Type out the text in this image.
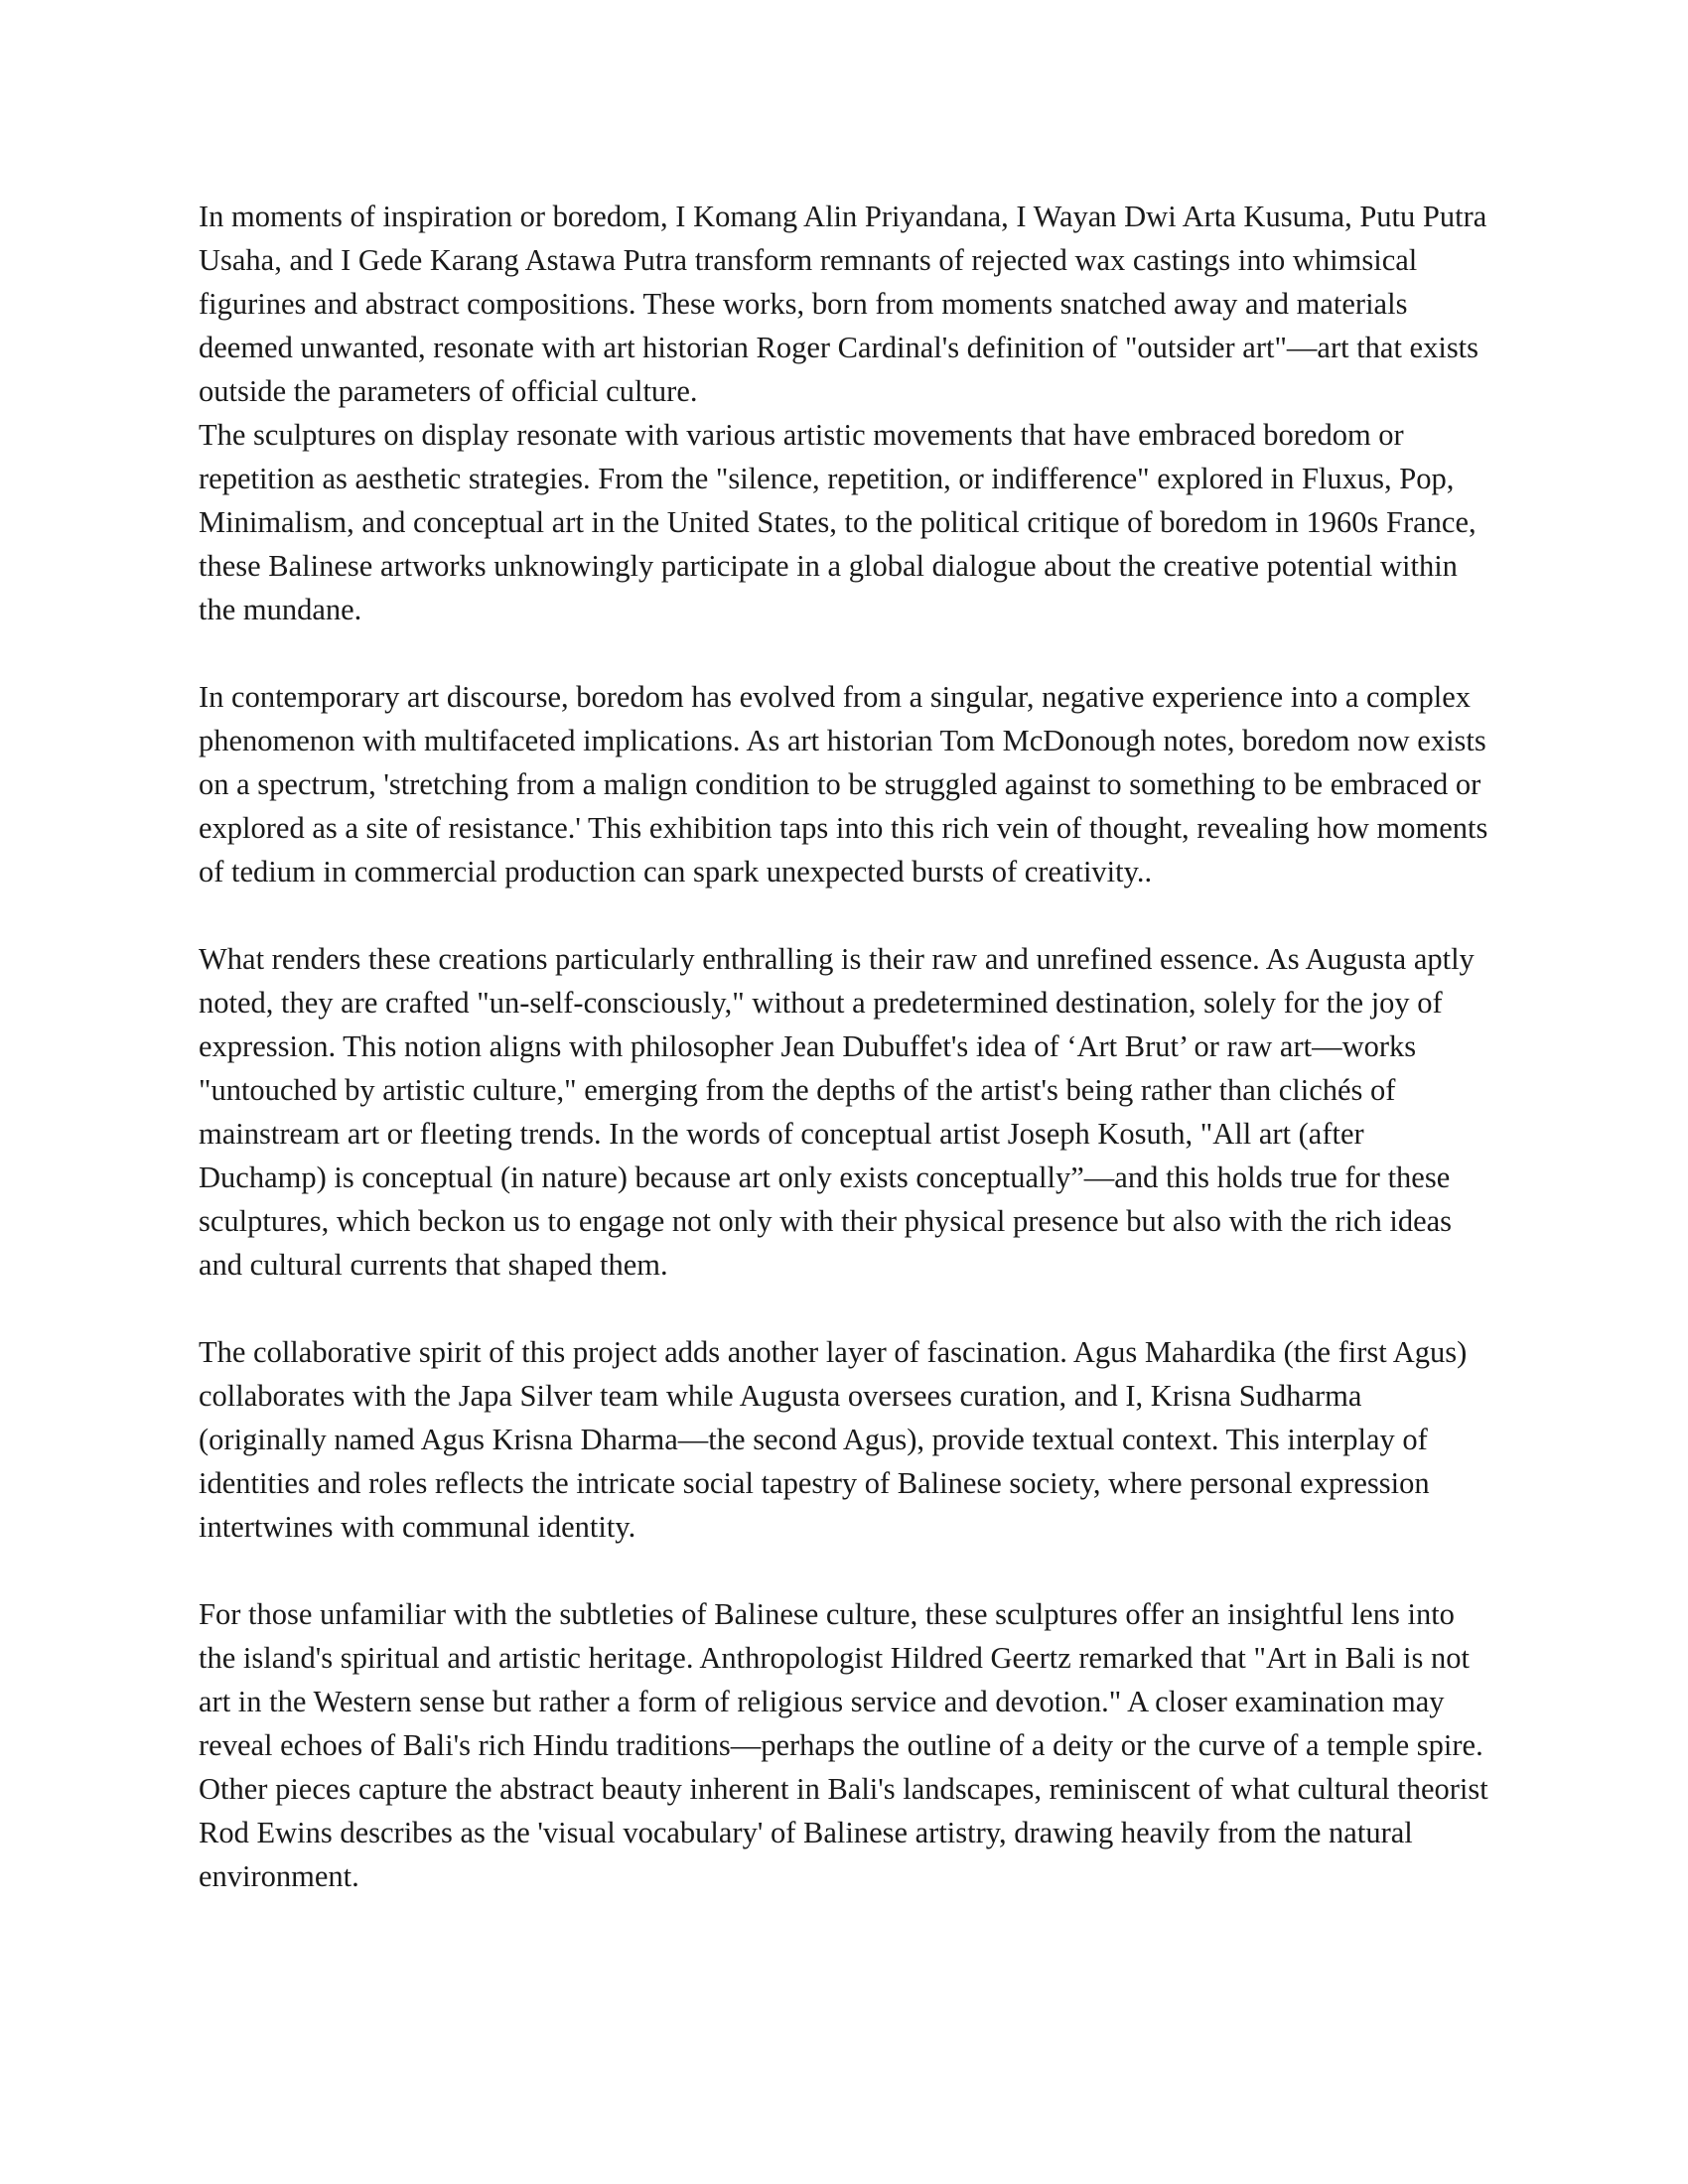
In moments of inspiration or boredom, I Komang Alin Priyandana, I Wayan Dwi Arta Kusuma, Putu Putra Usaha, and I Gede Karang Astawa Putra transform remnants of rejected wax castings into whimsical figurines and abstract compositions. These works, born from moments snatched away and materials deemed unwanted, resonate with art historian Roger Cardinal's definition of "outsider art"—art that exists outside the parameters of official culture.

The sculptures on display resonate with various artistic movements that have embraced boredom or repetition as aesthetic strategies. From the "silence, repetition, or indifference" explored in Fluxus, Pop, Minimalism, and conceptual art in the United States, to the political critique of boredom in 1960s France, these Balinese artworks unknowingly participate in a global dialogue about the creative potential within the mundane.

In contemporary art discourse, boredom has evolved from a singular, negative experience into a complex phenomenon with multifaceted implications. As art historian Tom McDonough notes, boredom now exists on a spectrum, 'stretching from a malign condition to be struggled against to something to be embraced or explored as a site of resistance.' This exhibition taps into this rich vein of thought, revealing how moments of tedium in commercial production can spark unexpected bursts of creativity..

What renders these creations particularly enthralling is their raw and unrefined essence. As Augusta aptly noted, they are crafted "un-self-consciously," without a predetermined destination, solely for the joy of expression. This notion aligns with philosopher Jean Dubuffet's idea of ‘Art Brut’ or raw art—works "untouched by artistic culture," emerging from the depths of the artist's being rather than clichés of mainstream art or fleeting trends. In the words of conceptual artist Joseph Kosuth, "All art (after Duchamp) is conceptual (in nature) because art only exists conceptually”—and this holds true for these sculptures, which beckon us to engage not only with their physical presence but also with the rich ideas and cultural currents that shaped them.

The collaborative spirit of this project adds another layer of fascination. Agus Mahardika (the first Agus) collaborates with the Japa Silver team while Augusta oversees curation, and I, Krisna Sudharma (originally named Agus Krisna Dharma—the second Agus), provide textual context. This interplay of identities and roles reflects the intricate social tapestry of Balinese society, where personal expression intertwines with communal identity.

For those unfamiliar with the subtleties of Balinese culture, these sculptures offer an insightful lens into the island's spiritual and artistic heritage. Anthropologist Hildred Geertz remarked that "Art in Bali is not art in the Western sense but rather a form of religious service and devotion." A closer examination may reveal echoes of Bali's rich Hindu traditions—perhaps the outline of a deity or the curve of a temple spire. Other pieces capture the abstract beauty inherent in Bali's landscapes, reminiscent of what cultural theorist Rod Ewins describes as the 'visual vocabulary' of Balinese artistry, drawing heavily from the natural environment.
